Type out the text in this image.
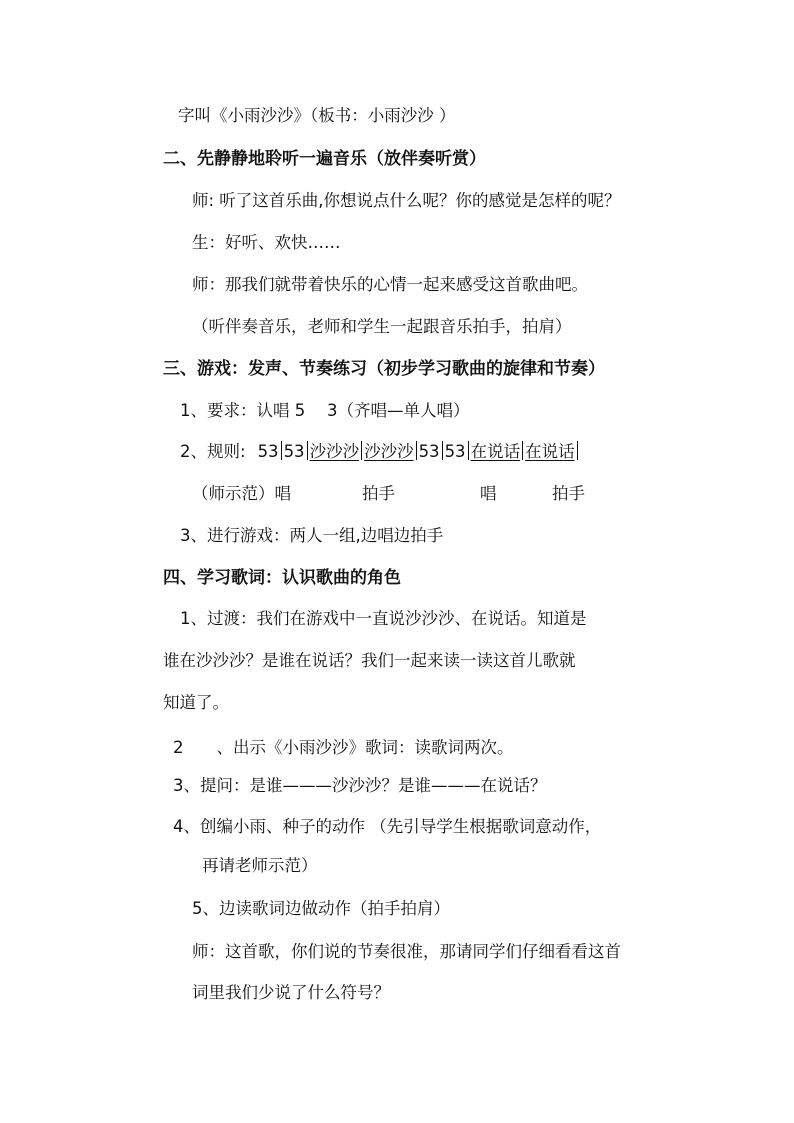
字叫《小雨沙沙》（板书：小雨沙沙 ）
二、先静静地聆听一遍音乐（放伴奏听赏）
师: 听了这首乐曲,你想说点什么呢？你的感觉是怎样的呢？
生：好听、欢快……
师：那我们就带着快乐的心情一起来感受这首歌曲吧。
（听伴奏音乐，老师和学生一起跟音乐拍手，拍肩）
三、游戏：发声、节奏练习（初步学习歌曲的旋律和节奏）
1、要求：认唱 5 　3（齐唱—单人唱）
2、规则: 53 53 沙沙沙 沙沙沙 53 53 在说话 在说话
（师示范）唱	拍手	唱	拍手
3、进行游戏：两人一组,边唱边拍手
四、学习歌词：认识歌曲的角色
1、过渡：我们在游戏中一直说沙沙沙、在说话。知道是
谁在沙沙沙？是谁在说话？我们一起来读一读这首儿歌就
知道了。
2　　、出示《小雨沙沙》歌词：读歌词两次。
3、提问：是谁———沙沙沙？是谁———在说话？
4、创编小雨、种子的动作 （先引导学生根据歌词意动作，
再请老师示范）
5、边读歌词边做动作（拍手拍肩）
师：这首歌，你们说的节奏很准，那请同学们仔细看看这首
词里我们少说了什么符号？
